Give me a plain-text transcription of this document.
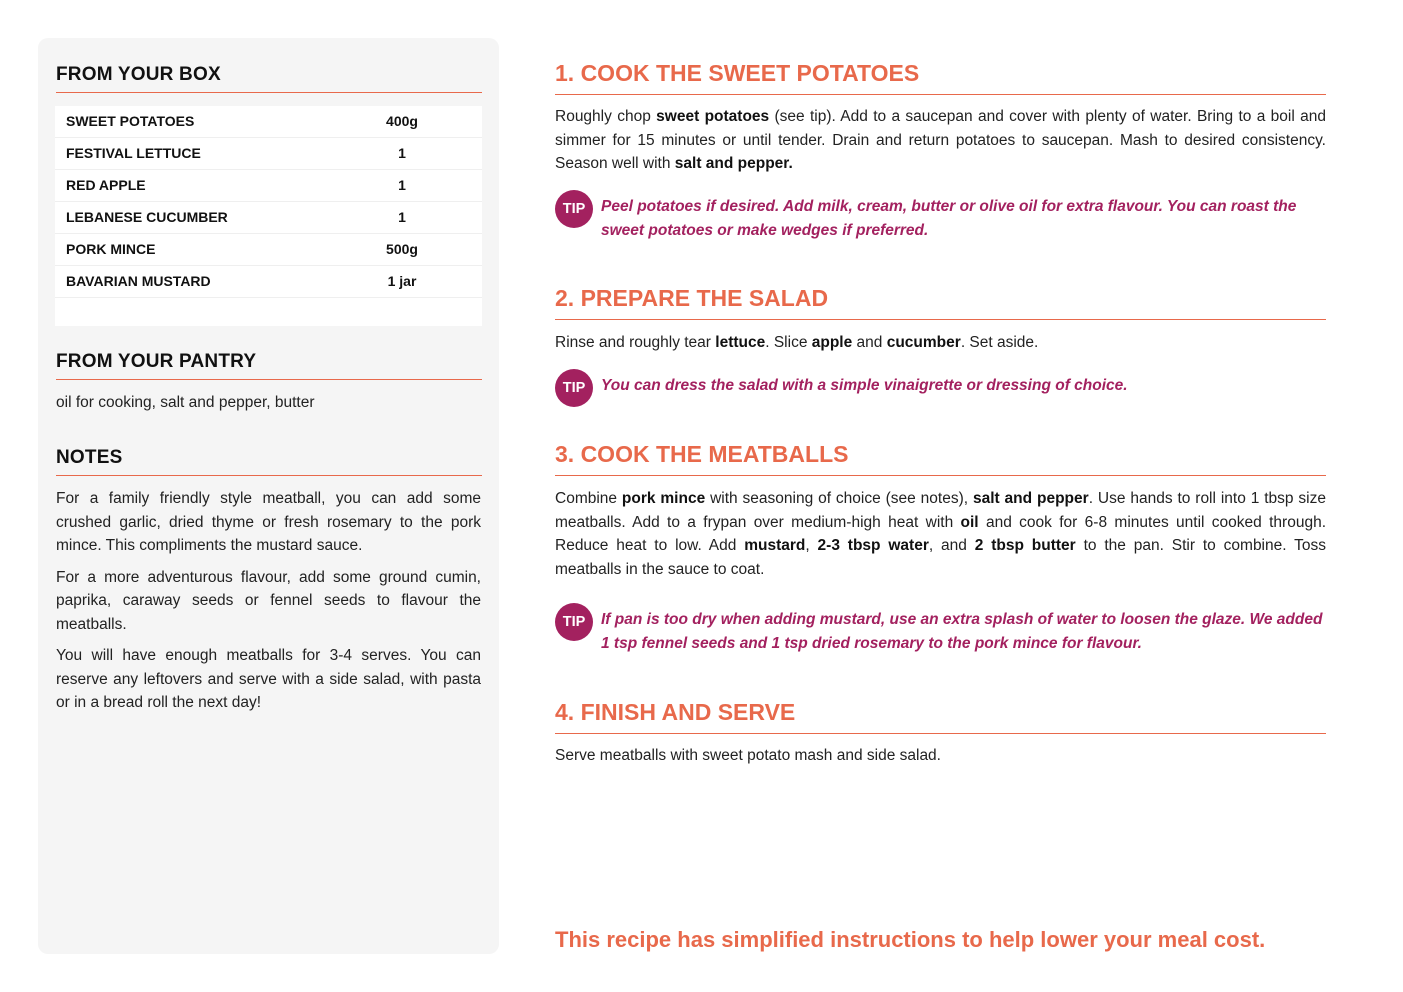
FROM YOUR BOX
SWEET POTATOES	400g
FESTIVAL LETTUCE	1
RED APPLE	1
LEBANESE CUCUMBER	1
PORK MINCE	500g
BAVARIAN MUSTARD	1 jar
FROM YOUR PANTRY
oil for cooking, salt and pepper, butter
NOTES

For a family friendly style meatball, you can add some crushed garlic, dried thyme or fresh rosemary to the pork mince. This compliments the mustard sauce.

For a more adventurous flavour, add some ground cumin, paprika, caraway seeds or fennel seeds to flavour the meatballs.

You will have enough meatballs for 3-4 serves. You can reserve any leftovers and serve with a side salad, with pasta or in a bread roll the next day!

1. COOK THE SWEET POTATOES
Roughly chop sweet potatoes (see tip). Add to a saucepan and cover with plenty of water. Bring to a boil and simmer for 15 minutes or until tender. Drain and return potatoes to saucepan. Mash to desired consistency. Season well with salt and pepper.
TIP	Peel potatoes if desired. Add milk, cream, butter or olive oil for extra flavour. You can roast the sweet potatoes or make wedges if preferred.
2. PREPARE THE SALAD
Rinse and roughly tear lettuce. Slice apple and cucumber. Set aside.
TIP	You can dress the salad with a simple vinaigrette or dressing of choice.
3. COOK THE MEATBALLS
Combine pork mince with seasoning of choice (see notes), salt and pepper. Use hands to roll into 1 tbsp size meatballs. Add to a frypan over medium-high heat with oil and cook for 6-8 minutes until cooked through. Reduce heat to low. Add mustard, 2-3 tbsp water, and 2 tbsp butter to the pan. Stir to combine. Toss meatballs in the sauce to coat.
TIP	If pan is too dry when adding mustard, use an extra splash of water to loosen the glaze. We added 1 tsp fennel seeds and 1 tsp dried rosemary to the pork mince for flavour.
4. FINISH AND SERVE
Serve meatballs with sweet potato mash and side salad.
This recipe has simplified instructions to help lower your meal cost.
